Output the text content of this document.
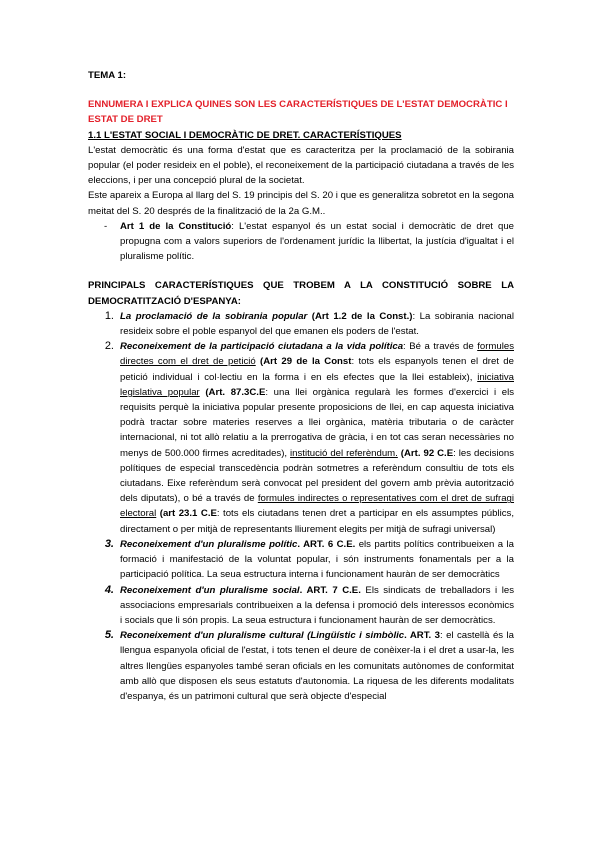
TEMA 1:
ENNUMERA I EXPLICA QUINES SON LES CARACTERÍSTIQUES DE L'ESTAT DEMOCRÀTIC I ESTAT DE DRET
1.1 L'ESTAT SOCIAL I DEMOCRÀTIC DE DRET. CARACTERÍSTIQUES

L'estat democràtic és una forma d'estat que es caracteritza per la proclamació de la sobirania popular (el poder resideix en el poble), el reconeixement de la participació ciutadana a través de les eleccions, i per una concepció plural de la societat.

Este apareix a Europa al llarg del S. 19 principis del S. 20 i que es generalitza sobretot en la segona meitat del S. 20 després de la finalització de la 2a G.M..

-	Art 1 de la Constitució: L'estat espanyol és un estat social i democràtic de dret que propugna com a valors superiors de l'ordenament jurídic la llibertat, la justícia d'igualtat i el pluralisme polític.
PRINCIPALS CARACTERÍSTIQUES QUE TROBEM A LA CONSTITUCIÓ SOBRE LA DEMOCRATITZACIÓ D'ESPANYA:
1. La proclamació de la sobirania popular (Art 1.2 de la Const.): La sobirania nacional resideix sobre el poble espanyol del que emanen els poders de l'estat.
2. Reconeixement de la participació ciutadana a la vida política: Bé a través de formules directes com el dret de petició (Art 29 de la Const: tots els espanyols tenen el dret de petició individual i col·lectiu en la forma i en els efectes que la llei estableix), iniciativa legislativa popular (Art. 87.3C.E: una llei orgànica regularà les formes d'exercici i els requisits perquè la iniciativa popular presente proposicions de llei, en cap aquesta iniciativa podrà tractar sobre materies reserves a llei orgànica, matèria tributaria o de caràcter internacional, ni tot allò relatiu a la prerrogativa de gràcia, i en tot cas seran necessàries no menys de 500.000 firmes acreditades), institució del referèndum. (Art. 92 C.E: les decisions polítiques de especial transcedència podràn sotmetres a referèndum consultiu de tots els ciutadans. Eixe referèndum serà convocat pel president del govern amb prèvia autorització dels diputats), o bé a través de formules indirectes o representatives com el dret de sufragi electoral (art 23.1 C.E: tots els ciutadans tenen dret a participar en els assumptes públics, directament o per mitjà de representants lliurement elegits per mitjà de sufragi universal)
3. Reconeixement d'un pluralisme polític. ART. 6 C.E. els partits polítics contribueixen a la formació i manifestació de la voluntat popular, i són instruments fonamentals per a la participació política. La seua estructura interna i funcionament hauràn de ser democràtics
4. Reconeixement d'un pluralisme social. ART. 7 C.E. Els sindicats de treballadors i les associacions empresarials contribueixen a la defensa i promoció dels interessos econòmics i socials que li són propis. La seua estructura i funcionament hauràn de ser democràtics.
5. Reconeixement d'un pluralisme cultural (Lingüístic i simbòlic. ART. 3: el castellà és la llengua espanyola oficial de l'estat, i tots tenen el deure de conèixer-la i el dret a usar-la, les altres llengües espanyoles també seran oficials en les comunitats autònomes de conformitat amb allò que disposen els seus estatuts d'autonomia. La riquesa de les diferents modalitats d'espanya, és un patrimoni cultural que serà objecte d'especial
